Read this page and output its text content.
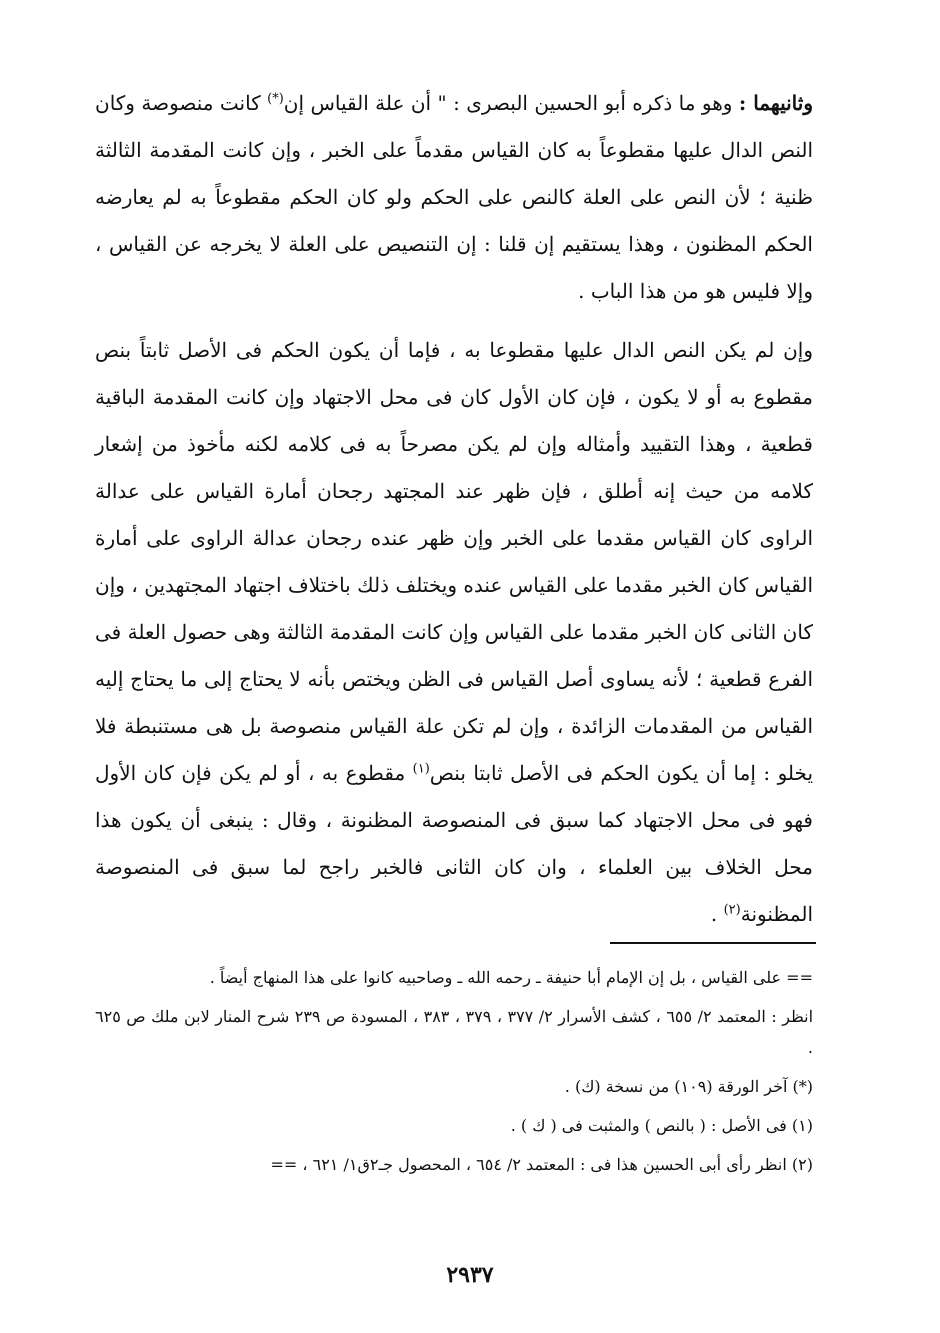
وثانيهما : وهو ما ذكره أبو الحسين البصرى : " أن علة القياس إن(*) كانت منصوصة وكان النص الدال عليها مقطوعاً به كان القياس مقدماً على الخبر ، وإن كانت المقدمة الثالثة ظنية ؛ لأن النص على العلة كالنص على الحكم ولو كان الحكم مقطوعاً به لم يعارضه الحكم المظنون ، وهذا يستقيم إن قلنا : إن التنصيص على العلة لا يخرجه عن القياس ، وإلا فليس هو من هذا الباب .

وإن لم يكن النص الدال عليها مقطوعا به ، فإما أن يكون الحكم فى الأصل ثابتاً بنص مقطوع به أو لا يكون ، فإن كان الأول كان فى محل الاجتهاد وإن كانت المقدمة الباقية قطعية ، وهذا التقييد وأمثاله وإن لم يكن مصرحاً به فى كلامه لكنه مأخوذ من إشعار كلامه من حيث إنه أطلق ، فإن ظهر عند المجتهد رجحان أمارة القياس على عدالة الراوى كان القياس مقدما على الخبر وإن ظهر عنده رجحان عدالة الراوى على أمارة القياس كان الخبر مقدما على القياس عنده ويختلف ذلك باختلاف اجتهاد المجتهدين ، وإن كان الثانى كان الخبر مقدما على القياس وإن كانت المقدمة الثالثة وهى حصول العلة فى الفرع قطعية ؛ لأنه يساوى أصل القياس فى الظن ويختص بأنه لا يحتاج إلى ما يحتاج إليه القياس من المقدمات الزائدة ، وإن لم تكن علة القياس منصوصة بل هى مستنبطة فلا يخلو : إما أن يكون الحكم فى الأصل ثابتا بنص$^{(١)}$ مقطوع به ، أو لم يكن فإن كان الأول فهو فى محل الاجتهاد كما سبق فى المنصوصة المظنونة ، وقال : ينبغى أن يكون هذا محل الخلاف بين العلماء ، وان كان الثانى فالخبر راجح لما سبق فى المنصوصة المظنونة$^{(٢)}$ .

== على القياس ، بل إن الإمام أبا حنيفة ـ رحمه الله ـ وصاحبيه كانوا على هذا المنهاج أيضاً .

انظر : المعتمد ٢/ ٦٥٥ ، كشف الأسرار ٢/ ٣٧٧ ، ٣٧٩ ، ٣٨٣ ، المسودة ص ٢٣٩ شرح المنار لابن ملك ص ٦٢٥ .

(*) آخر الورقة (١٠٩) من نسخة (ك) .

(١) فى الأصل : ( بالنص ) والمثبت فى ( ك ) .

(٢) انظر رأى أبى الحسين هذا فى : المعتمد ٢/ ٦٥٤ ، المحصول جـ٢ق١/ ٦٢١ ، ==

٢٩٣٧
